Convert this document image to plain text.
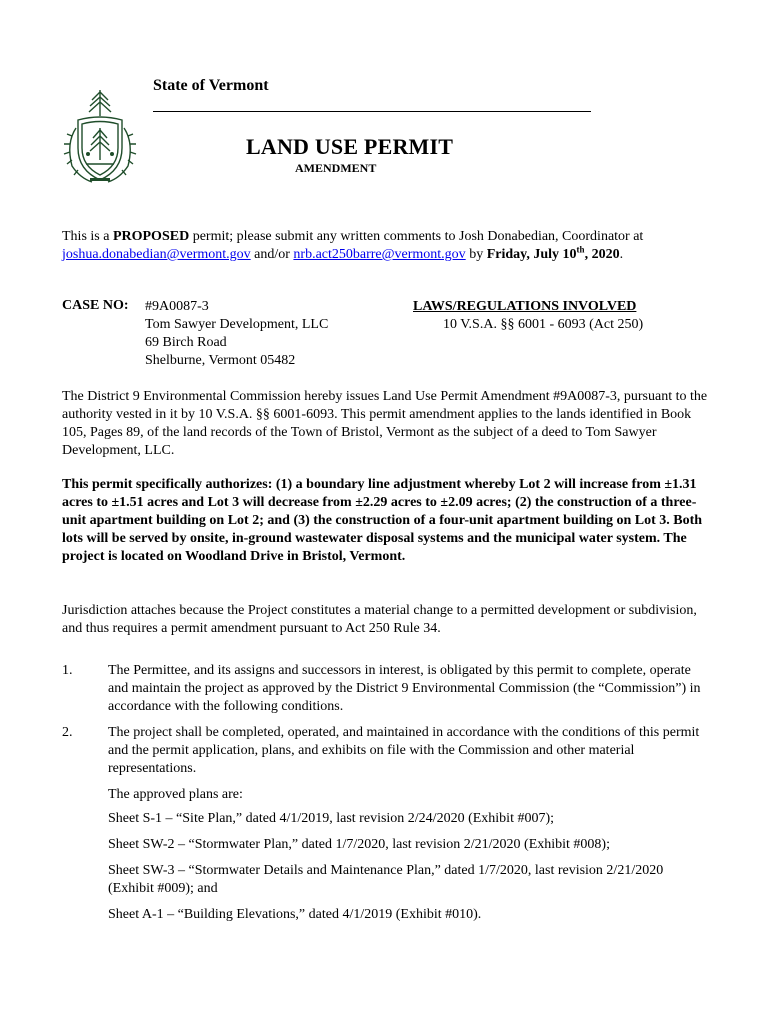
State of Vermont
LAND USE PERMIT
AMENDMENT
This is a PROPOSED permit; please submit any written comments to Josh Donabedian, Coordinator at joshua.donabedian@vermont.gov and/or nrb.act250barre@vermont.gov by Friday, July 10th, 2020.
CASE NO: #9A0087-3
Tom Sawyer Development, LLC
69 Birch Road
Shelburne, Vermont 05482
LAWS/REGULATIONS INVOLVED
10 V.S.A. §§ 6001 - 6093 (Act 250)
The District 9 Environmental Commission hereby issues Land Use Permit Amendment #9A0087-3, pursuant to the authority vested in it by 10 V.S.A. §§ 6001-6093. This permit amendment applies to the lands identified in Book 105, Pages 89, of the land records of the Town of Bristol, Vermont as the subject of a deed to Tom Sawyer Development, LLC.
This permit specifically authorizes: (1) a boundary line adjustment whereby Lot 2 will increase from ±1.31 acres to ±1.51 acres and Lot 3 will decrease from ±2.29 acres to ±2.09 acres; (2) the construction of a three-unit apartment building on Lot 2; and (3) the construction of a four-unit apartment building on Lot 3. Both lots will be served by onsite, in-ground wastewater disposal systems and the municipal water system. The project is located on Woodland Drive in Bristol, Vermont.
Jurisdiction attaches because the Project constitutes a material change to a permitted development or subdivision, and thus requires a permit amendment pursuant to Act 250 Rule 34.
1.	The Permittee, and its assigns and successors in interest, is obligated by this permit to complete, operate and maintain the project as approved by the District 9 Environmental Commission (the “Commission”) in accordance with the following conditions.
2.	The project shall be completed, operated, and maintained in accordance with the conditions of this permit and the permit application, plans, and exhibits on file with the Commission and other material representations.
The approved plans are:
Sheet S-1 – “Site Plan,” dated 4/1/2019, last revision 2/24/2020 (Exhibit #007);
Sheet SW-2 – “Stormwater Plan,” dated 1/7/2020, last revision 2/21/2020 (Exhibit #008);
Sheet SW-3 – “Stormwater Details and Maintenance Plan,” dated 1/7/2020, last revision 2/21/2020 (Exhibit #009); and
Sheet A-1 – “Building Elevations,” dated 4/1/2019 (Exhibit #010).
